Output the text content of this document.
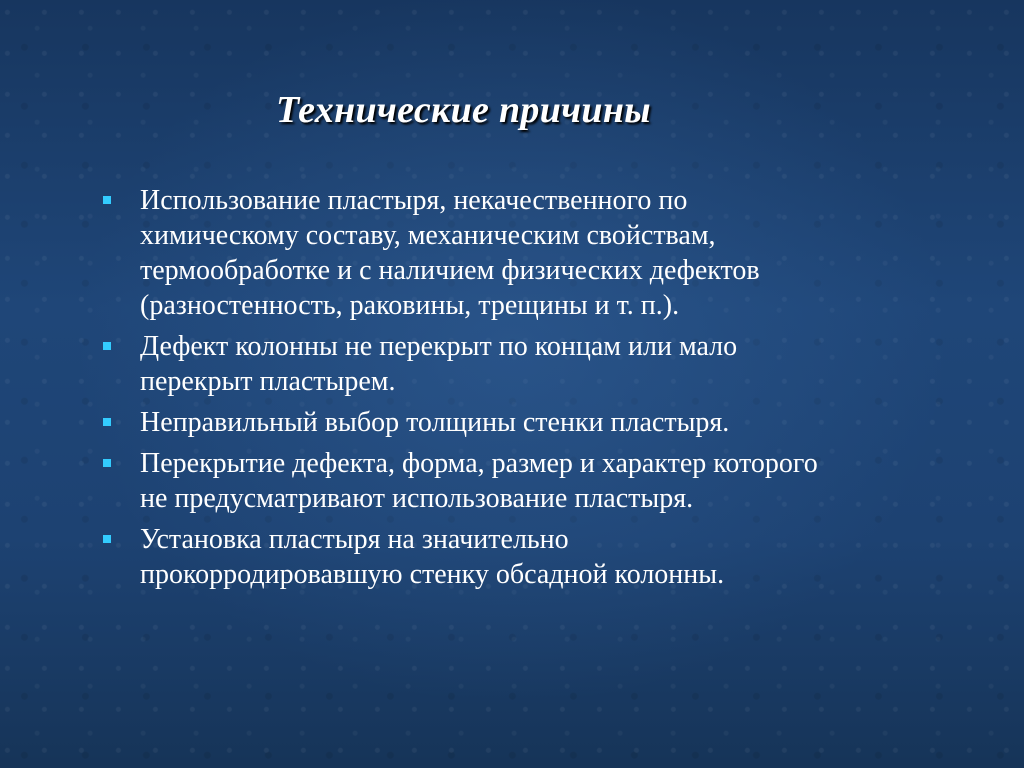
Технические причины
Использование пластыря, некачественного по
химическому составу, механическим свойствам,
термообработке и с наличием физических дефектов
(разностенность, раковины, трещины и т. п.).
Дефект колонны не перекрыт по концам или мало
перекрыт пластырем.
Неправильный выбор толщины стенки пластыря.
Перекрытие дефекта, форма, размер и характер которого
не предусматривают использование пластыря.
Установка пластыря на значительно
прокорродировавшую стенку обсадной колонны.
